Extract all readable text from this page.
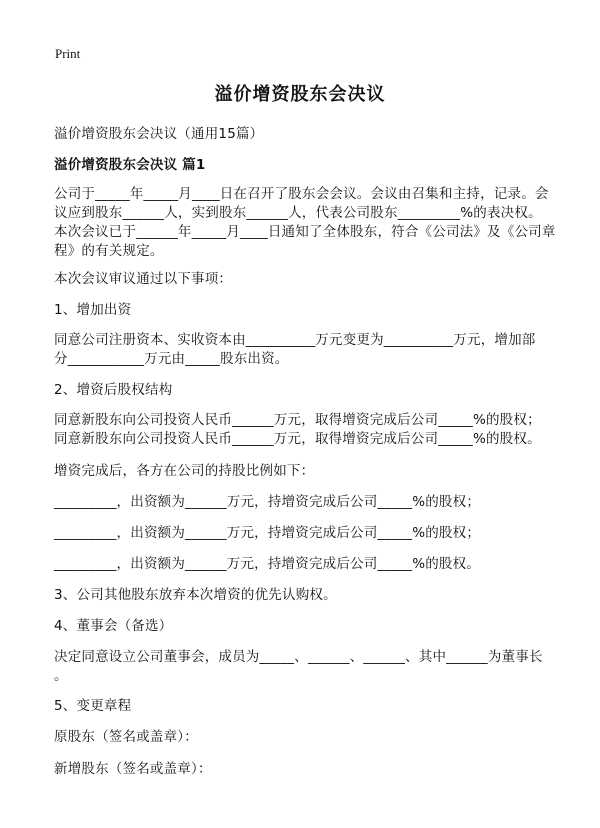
Print
溢价增资股东会决议
溢价增资股东会决议（通用15篇）
溢价增资股东会决议 篇1
公司于_____年_____月____日在召开了股东会会议。会议由召集和主持，记录。会
议应到股东______人，实到股东______人，代表公司股东_________%的表决权。
本次会议已于______年_____月____日通知了全体股东，符合《公司法》及《公司章
程》的有关规定。
本次会议审议通过以下事项：
1、增加出资
同意公司注册资本、实收资本由__________万元变更为__________万元，增加部
分___________万元由_____股东出资。
2、增资后股权结构
同意新股东向公司投资人民币______万元，取得增资完成后公司_____%的股权；
同意新股东向公司投资人民币______万元，取得增资完成后公司_____%的股权。
增资完成后，各方在公司的持股比例如下：
_________，出资额为______万元，持增资完成后公司_____%的股权；
_________，出资额为______万元，持增资完成后公司_____%的股权；
_________，出资额为______万元，持增资完成后公司_____%的股权。
3、公司其他股东放弃本次增资的优先认购权。
4、董事会（备选）
决定同意设立公司董事会，成员为_____、______、______、其中______为董事长
。
5、变更章程
原股东（签名或盖章）：
新增股东（签名或盖章）：
